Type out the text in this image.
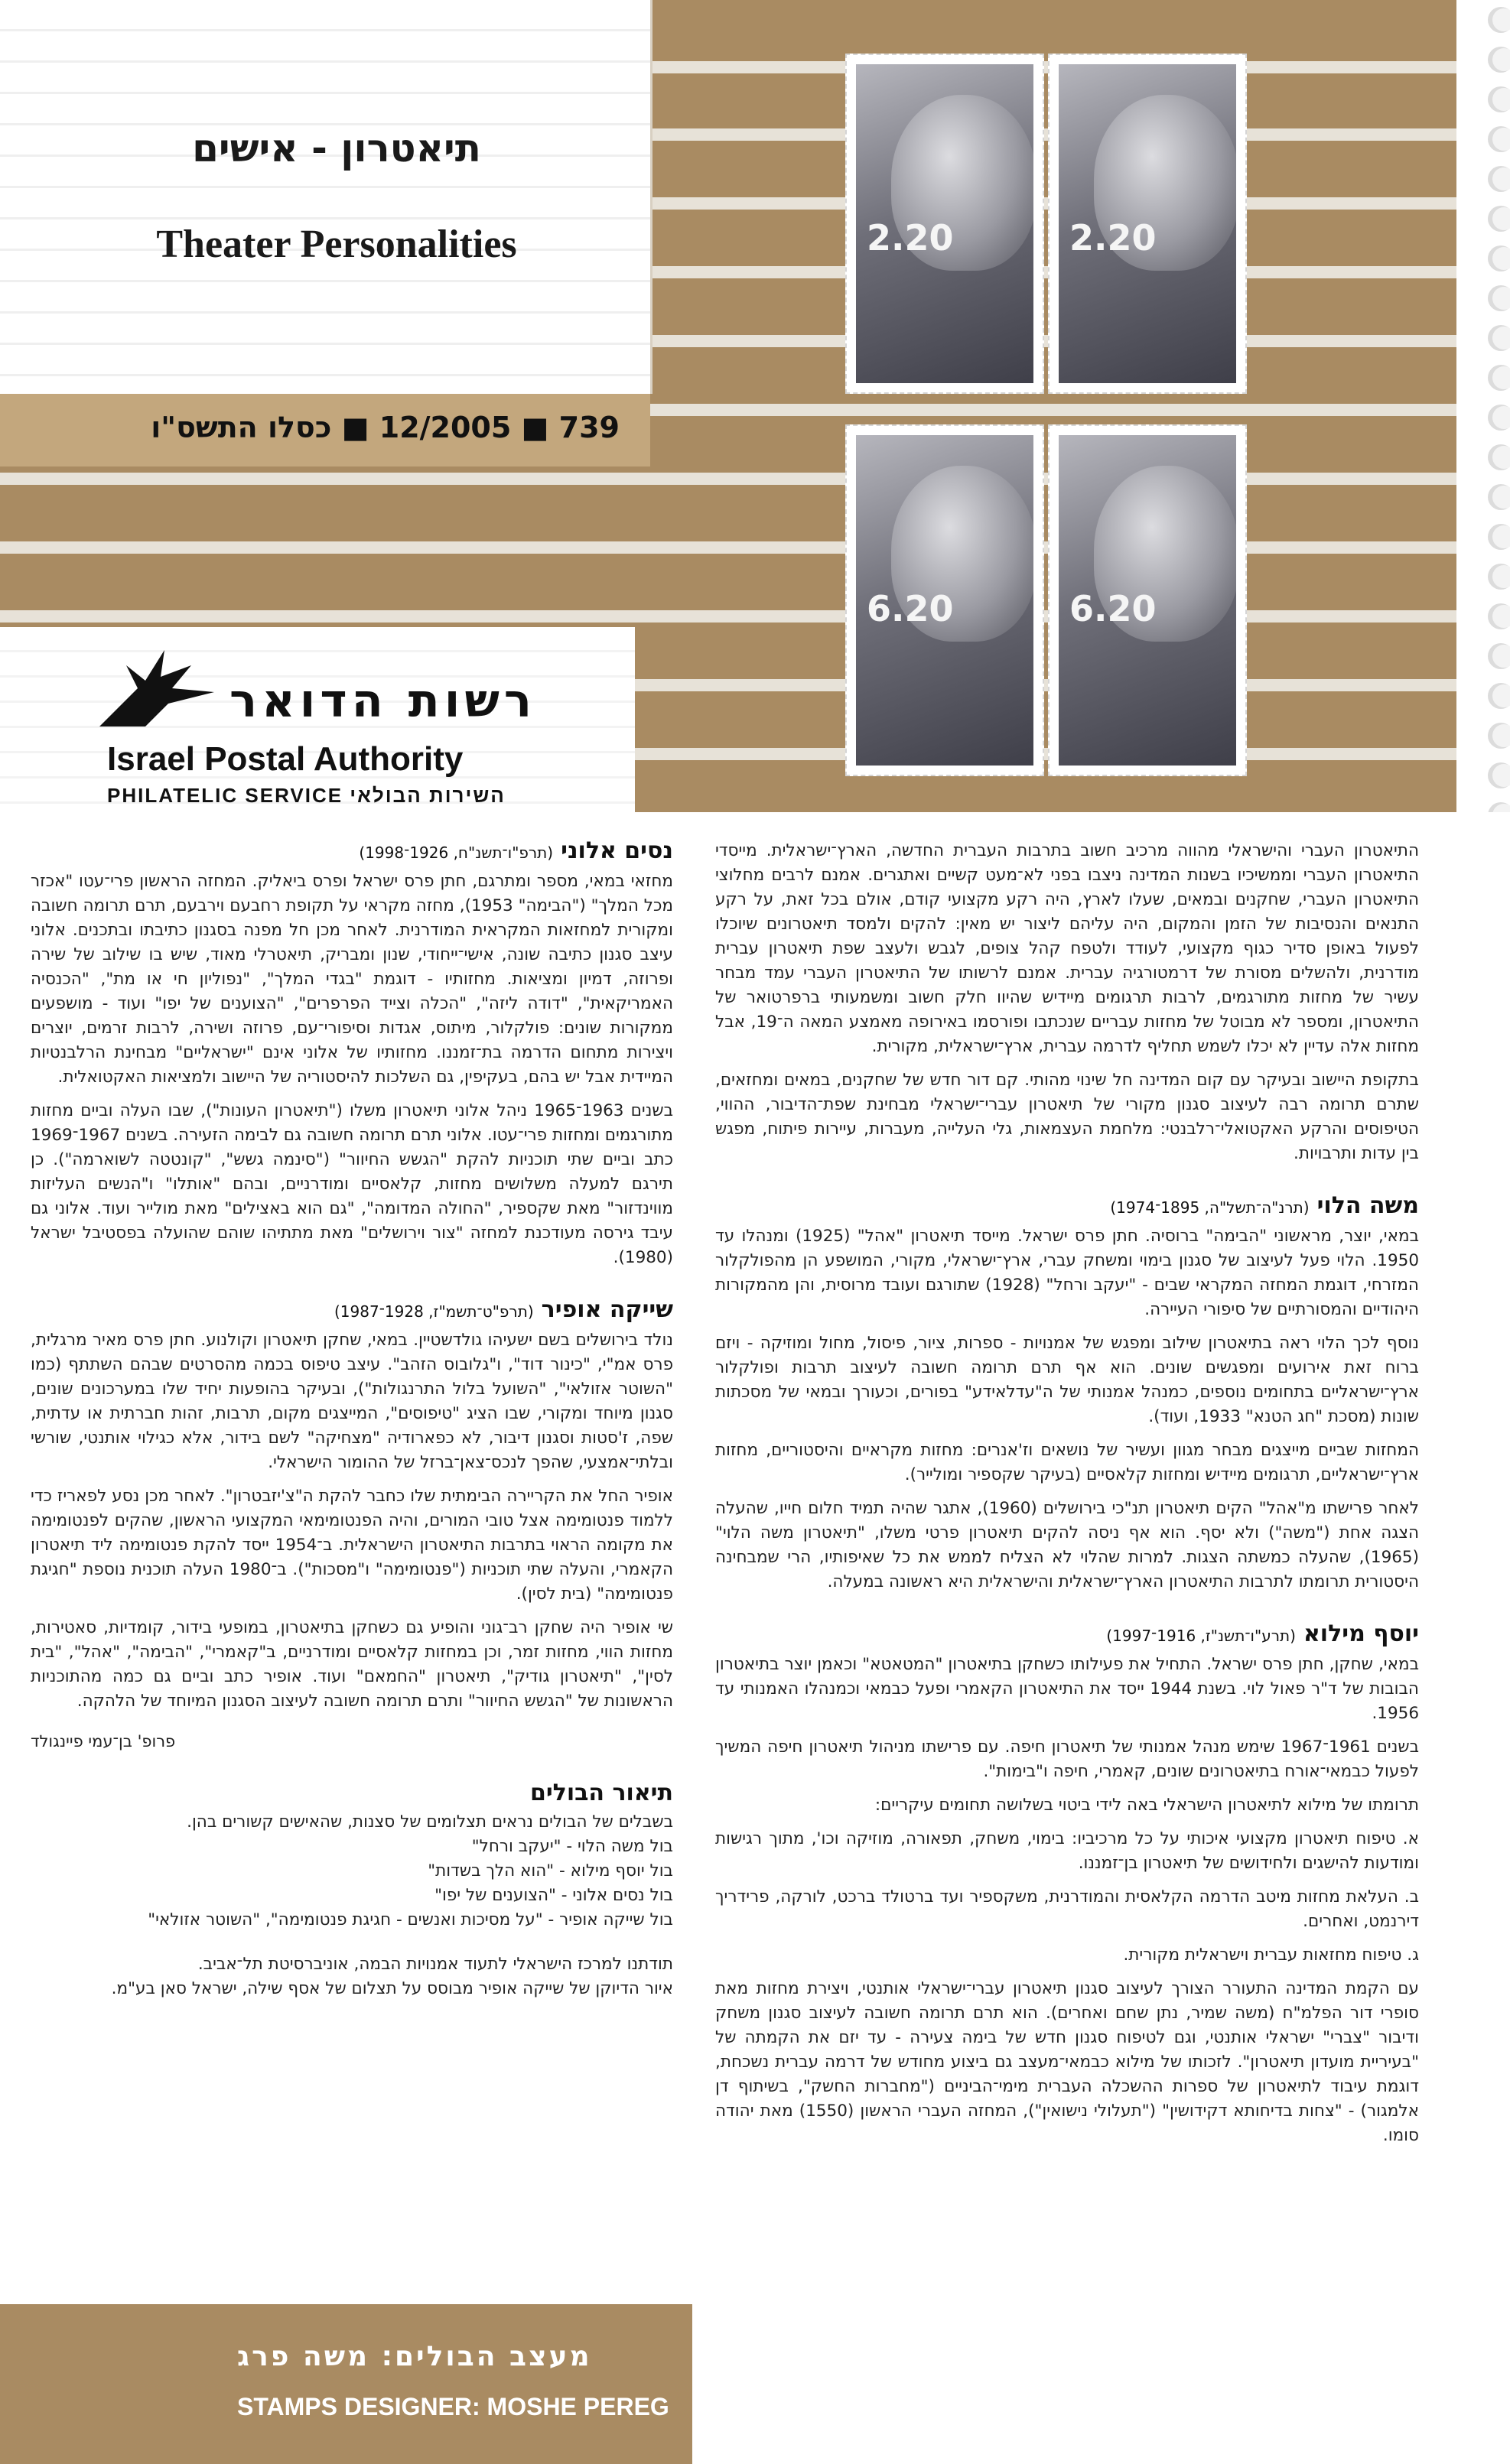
תיאטרון - אישים
Theater Personalities
739 ■ 12/2005 ■ כסלו התשס"ו
2.20	2.20
6.20	6.20
רשות הדואר
Israel Postal Authority
PHILATELIC SERVICE השירות הבולאי

התיאטרון העברי והישראלי מהווה מרכיב חשוב בתרבות העברית החדשה, הארץ־ישראלית. מייסדי התיאטרון העברי וממשיכיו בשנות המדינה ניצבו בפני לא־מעט קשיים ואתגרים. אמנם לרבים מחלוצי התיאטרון העברי, שחקנים ובמאים, שעלו לארץ, היה רקע מקצועי קודם, אולם בכל זאת, על רקע התנאים והנסיבות של הזמן והמקום, היה עליהם ליצור יש מאין: להקים ולמסד תיאטרונים שיוכלו לפעול באופן סדיר כגוף מקצועי, לעודד ולטפח קהל צופים, לגבש ולעצב שפת תיאטרון עברית מודרנית, ולהשלים מסורת של דרמטורגיה עברית. אמנם לרשותו של התיאטרון העברי עמד מבחר עשיר של מחזות מתורגמים, לרבות תרגומים מיידיש שהיוו חלק חשוב ומשמעותי ברפרטואר של התיאטרון, ומספר לא מבוטל של מחזות עבריים שנכתבו ופורסמו באירופה מאמצע המאה ה־19, אבל מחזות אלה עדיין לא יכלו לשמש תחליף לדרמה עברית, ארץ־ישראלית, מקורית.

בתקופת היישוב ובעיקר עם קום המדינה חל שינוי מהותי. קם דור חדש של שחקנים, במאים ומחזאים, שתרם תרומה רבה לעיצוב סגנון מקורי של תיאטרון עברי־ישראלי מבחינת שפת־הדיבור, ההווי, הטיפוסים והרקע האקטואלי־רלבנטי: מלחמת העצמאות, גלי העלייה, מעברות, עיירות פיתוח, מפגש בין עדות ותרבויות.

משה הלוי(תרנ"ה־תשל"ה, 1895־1974)

במאי, יוצר, מראשוני "הבימה" ברוסיה. חתן פרס ישראל. מייסד תיאטרון "אהל" (1925) ומנהלו עד 1950. הלוי פעל לעיצוב של סגנון בימוי ומשחק עברי, ארץ־ישראלי, מקורי, המושפע הן מהפולקלור המזרחי, דוגמת המחזה המקראי שבים - "יעקב ורחל" (1928) שתורגם ועובד מרוסית, והן מהמקורות היהודיים והמסורתיים של סיפורי העיירה.

נוסף לכך הלוי ראה בתיאטרון שילוב ומפגש של אמנויות - ספרות, ציור, פיסול, מחול ומוזיקה - ויזם ברוח זאת אירועים ומפגשים שונים. הוא אף תרם תרומה חשובה לעיצוב תרבות ופולקלור ארץ־ישראליים בתחומים נוספים, כמנהל אמנותי של ה"עדלאידע" בפורים, וכעורך ובמאי של מסכתות שונות (מסכת "חג הטנא" 1933, ועוד).

המחזות שביים מייצגים מבחר מגוון ועשיר של נושאים וז'אנרים: מחזות מקראיים והיסטוריים, מחזות ארץ־ישראליים, תרגומים מיידיש ומחזות קלאסיים (בעיקר שקספיר ומולייר).

לאחר פרישתו מ"אהל" הקים תיאטרון תנ"כי בירושלים (1960), אתגר שהיה תמיד חלום חייו, שהעלה הצגה אחת ("משה") ולא יסף. הוא אף ניסה להקים תיאטרון פרטי משלו, "תיאטרון משה הלוי" (1965), שהעלה כמשתה הצגות. למרות שהלוי לא הצליח לממש את כל שאיפותיו, הרי שמבחינה היסטורית תרומתו לתרבות התיאטרון הארץ־ישראלית והישראלית היא ראשונה במעלה.

יוסף מילוא(תרע"ו־תשנ"ז, 1916־1997)

במאי, שחקן, חתן פרס ישראל. התחיל את פעילותו כשחקן בתיאטרון "המטאטא" וכאמן יוצר בתיאטרון הבובות של ד"ר פאול לוי. בשנת 1944 ייסד את התיאטרון הקאמרי ופעל כבמאי וכמנהלו האמנותי עד 1956.

בשנים 1961־1967 שימש מנהל אמנותי של תיאטרון חיפה. עם פרישתו מניהול תיאטרון חיפה המשיך לפעול כבמאי־אורח בתיאטרונים שונים, קאמרי, חיפה ו"בימות".

תרומתו של מילוא לתיאטרון הישראלי באה לידי ביטוי בשלושה תחומים עיקריים:

א. טיפוח תיאטרון מקצועי איכותי על כל מרכיביו: בימוי, משחק, תפאורה, מוזיקה וכו', מתוך רגישות ומודעות להישגים ולחידושים של תיאטרון בן־זמננו.

ב. העלאת מחזות מיטב הדרמה הקלאסית והמודרנית, משקספיר ועד ברטולד ברכט, לורקה, פרידריך דירנמט, ואחרים.

ג. טיפוח מחזאות עברית וישראלית מקורית.

עם הקמת המדינה התעורר הצורך לעיצוב סגנון תיאטרון עברי־ישראלי אותנטי, ויצירת מחזות מאת סופרי דור הפלמ"ח (משה שמיר, נתן שחם ואחרים). הוא תרם תרומה חשובה לעיצוב סגנון משחק ודיבור "צברי" ישראלי אותנטי, וגם לטיפוח סגנון חדש של בימה צעירה - עד יזם את הקמתה של "בעיריית מועדון תיאטרון". לזכותו של מילוא כבמאי־מעצב גם ביצוע מחודש של דרמה עברית נשכחת, דוגמת עיבוד לתיאטרון של ספרות ההשכלה העברית מימי־הביניים ("מחברות החשק", בשיתוף דן אלמגור) - "צחות בדיחותא דקידושין" ("תעלולי נישואין"), המחזה העברי הראשון (1550) מאת יהודה סומו.

נסים אלוני(תרפ"ו־תשנ"ח, 1926־1998)

מחזאי במאי, מספר ומתרגם, חתן פרס ישראל ופרס ביאליק. המחזה הראשון פרי־עטו "אכזר מכל המלך" ("הבימה" 1953), מחזה מקראי על תקופת רחבעם וירבעם, תרם תרומה חשובה ומקורית למחזאות המקראית המודרנית. לאחר מכן חל מפנה בסגנון כתיבתו ובתכנים. אלוני עיצב סגנון כתיבה שונה, אישי־ייחודי, שנון ומבריק, תיאטרלי מאוד, שיש בו שילוב של שירה ופרוזה, דמיון ומציאות. מחזותיו - דוגמת "בגדי המלך", "נפוליון חי או מת", "הכנסיה האמריקאית", "דודה ליזה", "הכלה וצייד הפרפרים", "הצוענים של יפו" ועוד - מושפעים ממקורות שונים: פולקלור, מיתוס, אגדות וסיפורי־עם, פרוזה ושירה, לרבות זרמים, יוצרים ויצירות מתחום הדרמה בת־זמננו. מחזותיו של אלוני אינם "ישראליים" מבחינת הרלבנטיות המיידית אבל יש בהם, בעקיפין, גם השלכות להיסטוריה של היישוב ולמציאות האקטואלית.

בשנים 1963־1965 ניהל אלוני תיאטרון משלו ("תיאטרון העונות"), שבו העלה וביים מחזות מתורגמים ומחזות פרי־עטו. אלוני תרם תרומה חשובה גם לבימה הזעירה. בשנים 1967־1969 כתב וביים שתי תוכניות להקת "הגשש החיוור" ("סינמה גשש", "קונטטה לשוארמה"). כן תירגם למעלה משלושים מחזות, קלאסיים ומודרניים, ובהם "אותלו" ו"הנשים העליזות מווינדזור" מאת שקספיר, "החולה המדומה", "גם הוא באצילים" מאת מולייר ועוד. אלוני גם עיבד גירסה מעודכנת למחזה "צור וירושלים" מאת מתתיהו שוהם שהועלה בפסטיבל ישראל (1980).

שייקה אופיר(תרפ"ט־תשמ"ז, 1928־1987)

נולד בירושלים בשם ישעיהו גולדשטיין. במאי, שחקן תיאטרון וקולנוע. חתן פרס מאיר מרגלית, פרס אמ"י, "כינור דוד", ו"גלובוס הזהב". עיצב טיפוס בכמה מהסרטים שבהם השתתף (כמו "השוטר אזולאי", "השועל בלול התרנגולות"), ובעיקר בהופעות יחיד שלו במערכונים שונים, סגנון מיוחד ומקורי, שבו הציג "טיפוסים", המייצגים מקום, תרבות, זהות חברתית או עדתית, שפה, ז'סטות וסגנון דיבור, לא כפארודיה "מצחיקה" לשם בידור, אלא כגילוי אותנטי, שורשי ובלתי־אמצעי, שהפך לנכס־צאן־ברזל של ההומור הישראלי.

אופיר החל את הקריירה הבימתית שלו כחבר להקת ה"צ'יזבטרון". לאחר מכן נסע לפאריז כדי ללמוד פנטומימה אצל טובי המורים, והיה הפנטומימאי המקצועי הראשון, שהקים לפנטומימה את מקומה הראוי בתרבות התיאטרון הישראלית. ב־1954 ייסד להקת פנטומימה ליד תיאטרון הקאמרי, והעלה שתי תוכניות ("פנטומימה" ו"מסכות"). ב־1980 העלה תוכנית נוספת "חגיגת פנטומימה" (בית לסין).

שי אופיר היה שחקן רב־גוני והופיע גם כשחקן בתיאטרון, במופעי בידור, קומדיות, סאטירות, מחזות הווי, מחזות זמר, וכן במחזות קלאסיים ומודרניים, ב"קאמרי", "הבימה", "אהל", "בית לסין", "תיאטרון גודיק", תיאטרון "החמאם" ועוד. אופיר כתב וביים גם כמה מהתוכניות הראשונות של "הגשש החיוור" ותרם תרומה חשובה לעיצוב הסגנון המיוחד של הלהקה.

פרופ' בן־עמי פיינגולד
תיאור הבולים

בשבלים של הבולים נראים תצלומים של סצנות, שהאישים קשורים בהן.

בול משה הלוי - "יעקב ורחל"
בול יוסף מילוא - "הוא הלך בשדות"
בול נסים אלוני - "הצוענים של יפו"
בול שייקה אופיר - "על מסיכות ואנשים - חגיגת פנטומימה", "השוטר אזולאי"
תודתנו למרכז הישראלי לתעוד אמנויות הבמה, אוניברסיטת תל־אביב.
איור הדיוקן של שייקה אופיר מבוסס על תצלום של אסף שילה, ישראל סאן בע"מ.
מעצב הבולים: משה פרג
STAMPS DESIGNER: MOSHE PEREG
